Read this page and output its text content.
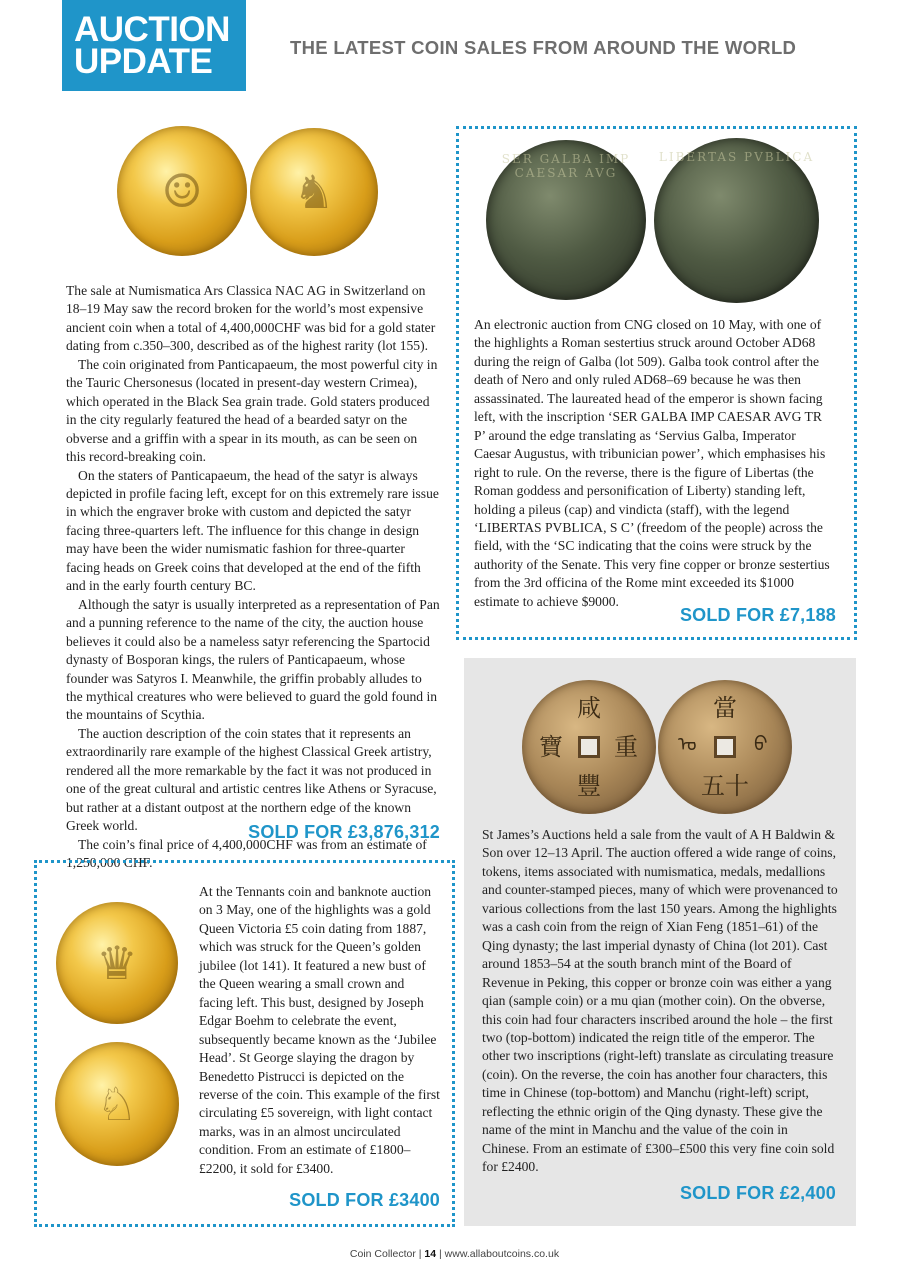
AUCTION
UPDATE	THE LATEST COIN SALES FROM AROUND THE WORLD
☺	♞

The sale at Numismatica Ars Classica NAC AG in Switzerland on 18–19 May saw the record broken for the world’s most expensive ancient coin when a total of 4,400,000CHF was bid for a gold stater dating from c.350–300, described as of the highest rarity (lot 155).

The coin originated from Panticapaeum, the most powerful city in the Tauric Chersonesus (located in present-day western Crimea), which operated in the Black Sea grain trade. Gold staters produced in the city regularly featured the head of a bearded satyr on the obverse and a griffin with a spear in its mouth, as can be seen on this record-breaking coin.

On the staters of Panticapaeum, the head of the satyr is always depicted in profile facing left, except for on this extremely rare issue in which the engraver broke with custom and depicted the satyr facing three-quarters left. The influence for this change in design may have been the wider numismatic fashion for three-quarter facing heads on Greek coins that developed at the end of the fifth and in the early fourth century BC.

Although the satyr is usually interpreted as a representation of Pan and a punning reference to the name of the city, the auction house believes it could also be a nameless satyr referencing the Spartocid dynasty of Bosporan kings, the rulers of Panticapaeum, whose founder was Satyros I. Meanwhile, the griffin probably alludes to the mythical creatures who were believed to guard the gold found in the mountains of Scythia.

The auction description of the coin states that it represents an extraordinarily rare example of the highest Classical Greek artistry, rendered all the more remarkable by the fact it was not produced in one of the great cultural and artistic centres like Athens or Syracuse, but rather at a distant outpost at the northern edge of the known Greek world.

The coin’s final price of 4,400,000CHF was from an estimate of 1,250,000 CHF.

SOLD FOR £3,876,312
SER GALBA IMP CAESAR AVG
LIBERTAS PVBLICA

An electronic auction from CNG closed on 10 May, with one of the highlights a Roman sestertius struck around October AD68 during the reign of Galba (lot 509). Galba took control after the death of Nero and only ruled AD68–69 because he was then assassinated. The laureated head of the emperor is shown facing left, with the inscription ‘SER GALBA IMP CAESAR AVG TR P’ around the edge translating as ‘Servius Galba, Imperator Caesar Augustus, with tribunician power’, which emphasises his right to rule. On the reverse, there is the figure of Libertas (the Roman goddess and personification of Liberty) standing left, holding a pileus (cap) and vindicta (staff), with the legend ‘LIBERTAS PVBLICA, S C’ (freedom of the people) across the field, with the ‘SC indicating that the coins were struck by the authority of the Senate. This very fine copper or bronze sestertius from the 3rd officina of the Rome mint exceeded its $1000 estimate to achieve $9000.

SOLD FOR £7,188
咸
豐
重
寶
當
五十
ᠪ
ᠣ

St James’s Auctions held a sale from the vault of A H Baldwin & Son over 12–13 April. The auction offered a wide range of coins, tokens, items associated with numismatica, medals, medallions and counter-stamped pieces, many of which were provenanced to various collections from the last 150 years. Among the highlights was a cash coin from the reign of Xian Feng (1851–61) of the Qing dynasty; the last imperial dynasty of China (lot 201). Cast around 1853–54 at the south branch mint of the Board of Revenue in Peking, this copper or bronze coin was either a yang qian (sample coin) or a mu qian (mother coin). On the obverse, this coin had four characters inscribed around the hole – the first two (top-bottom) indicated the reign title of the emperor. The other two inscriptions (right-left) translate as circulating treasure (coin). On the reverse, the coin has another four characters, this time in Chinese (top-bottom) and Manchu (right-left) script, reflecting the ethnic origin of the Qing dynasty. These give the name of the mint in Manchu and the value of the coin in Chinese. From an estimate of £300–£500 this very fine coin sold for £2400.

SOLD FOR £2,400
♛
♘

At the Tennants coin and banknote auction on 3 May, one of the highlights was a gold Queen Victoria £5 coin dating from 1887, which was struck for the Queen’s golden jubilee (lot 141). It featured a new bust of the Queen wearing a small crown and facing left. This bust, designed by Joseph Edgar Boehm to celebrate the event, subsequently became known as the ‘Jubilee Head’. St George slaying the dragon by Benedetto Pistrucci is depicted on the reverse of the coin. This example of the first circulating £5 sovereign, with light contact marks, was in an almost uncirculated condition. From an estimate of £1800–£2200, it sold for £3400.

SOLD FOR £3400
Coin Collector | 14 | www.allaboutcoins.co.uk
